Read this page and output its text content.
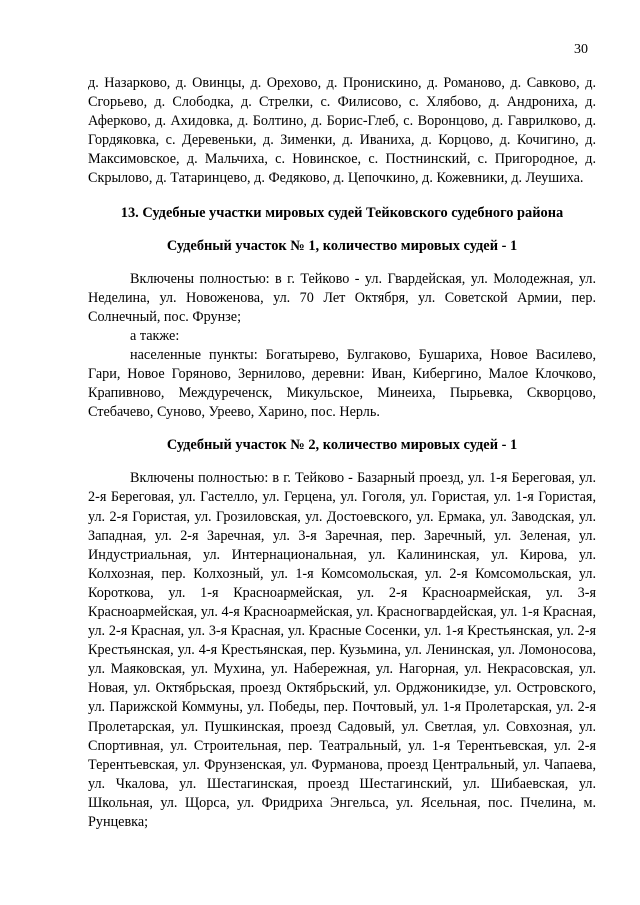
30

д. Назарково, д. Овинцы, д. Орехово, д. Пронискино, д. Романово, д. Савково, д. Сгорьево, д. Слободка, д. Стрелки, с. Филисово, с. Хлябово, д. Андрониха, д. Аферково, д. Ахидовка, д. Болтино, д. Борис-Глеб, с. Воронцово, д. Гаврилково, д. Гордяковка, с. Деревеньки, д. Зименки, д. Иваниха, д. Корцово, д. Кочигино, д. Максимовское, д. Мальчиха, с. Новинское, с. Постнинский, с. Пригородное, д. Скрылово, д. Татаринцево, д. Федяково, д. Цепочкино, д. Кожевники, д. Леушиха.

13. Судебные участки мировых судей Тейковского судебного района
Судебный участок № 1, количество мировых судей - 1

Включены полностью: в г. Тейково - ул. Гвардейская, ул. Молодежная, ул. Неделина, ул. Новоженова, ул. 70 Лет Октября, ул. Советской Армии, пер. Солнечный, пос. Фрунзе;

а также:

населенные пункты: Богатырево, Булгаково, Бушариха, Новое Василево, Гари, Новое Горяново, Зернилово, деревни: Иван, Кибергино, Малое Клочково, Крапивново, Междуреченск, Микульское, Минеиха, Пырьевка, Скворцово, Стебачево, Суново, Уреево, Харино, пос. Нерль.

Судебный участок № 2, количество мировых судей - 1

Включены полностью: в г. Тейково - Базарный проезд, ул. 1-я Береговая, ул. 2-я Береговая, ул. Гастелло, ул. Герцена, ул. Гоголя, ул. Гористая, ул. 1-я Гористая, ул. 2-я Гористая, ул. Грозиловская, ул. Достоевского, ул. Ермака, ул. Заводская, ул. Западная, ул. 2-я Заречная, ул. 3-я Заречная, пер. Заречный, ул. Зеленая, ул. Индустриальная, ул. Интернациональная, ул. Калининская, ул. Кирова, ул. Колхозная, пер. Колхозный, ул. 1-я Комсомольская, ул. 2-я Комсомольская, ул. Короткова, ул. 1-я Красноармейская, ул. 2-я Красноармейская, ул. 3-я Красноармейская, ул. 4-я Красноармейская, ул. Красногвардейская, ул. 1-я Красная, ул. 2-я Красная, ул. 3-я Красная, ул. Красные Сосенки, ул. 1-я Крестьянская, ул. 2-я Крестьянская, ул. 4-я Крестьянская, пер. Кузьмина, ул. Ленинская, ул. Ломоносова, ул. Маяковская, ул. Мухина, ул. Набережная, ул. Нагорная, ул. Некрасовская, ул. Новая, ул. Октябрьская, проезд Октябрьский, ул. Орджоникидзе, ул. Островского, ул. Парижской Коммуны, ул. Победы, пер. Почтовый, ул. 1-я Пролетарская, ул. 2-я Пролетарская, ул. Пушкинская, проезд Садовый, ул. Светлая, ул. Совхозная, ул. Спортивная, ул. Строительная, пер. Театральный, ул. 1-я Терентьевская, ул. 2-я Терентьевская, ул. Фрунзенская, ул. Фурманова, проезд Центральный, ул. Чапаева, ул. Чкалова, ул. Шестагинская, проезд Шестагинский, ул. Шибаевская, ул. Школьная, ул. Щорса, ул. Фридриха Энгельса, ул. Ясельная, пос. Пчелина, м. Рунцевка;
